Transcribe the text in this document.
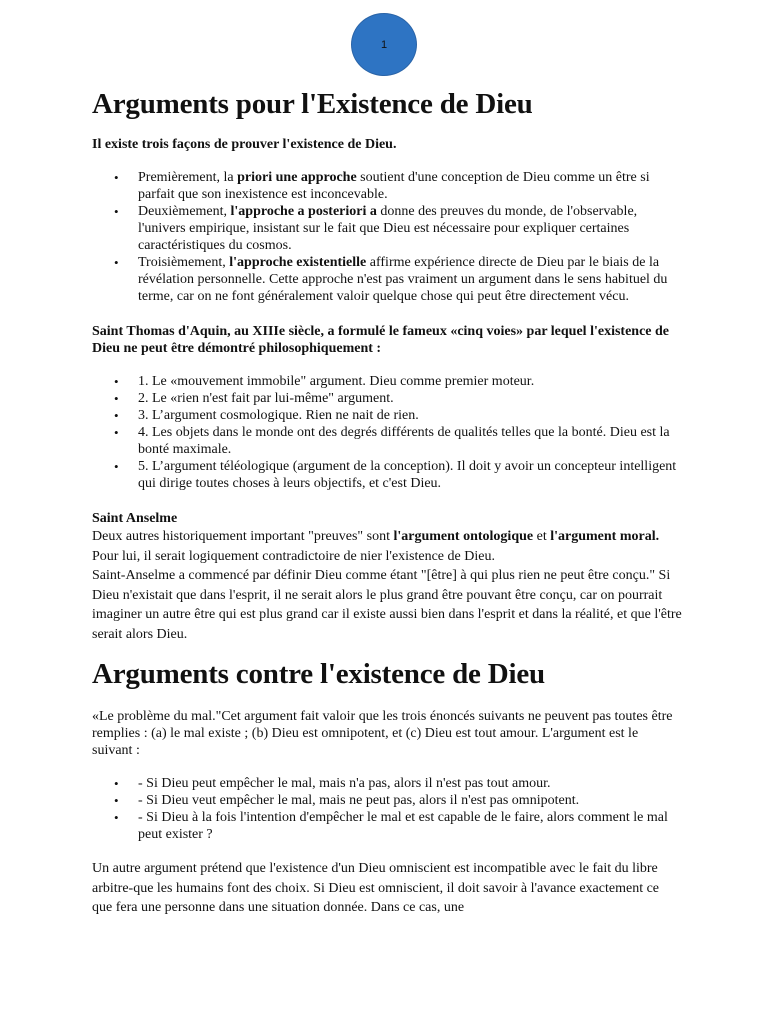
1
Arguments pour l'Existence de Dieu

Il existe trois façons de prouver l'existence de Dieu.

• Premièrement, la priori une approche soutient d'une conception de Dieu comme un être si parfait que son inexistence est inconcevable.
• Deuxièmement, l'approche a posteriori a donne des preuves du monde, de l'observable, l'univers empirique, insistant sur le fait que Dieu est nécessaire pour expliquer certaines caractéristiques du cosmos.
• Troisièmement, l'approche existentielle affirme expérience directe de Dieu par le biais de la révélation personnelle. Cette approche n'est pas vraiment un argument dans le sens habituel du terme, car on ne font généralement valoir quelque chose qui peut être directement vécu.

Saint Thomas d'Aquin, au XIIIe siècle, a formulé le fameux «cinq voies» par lequel l'existence de Dieu ne peut être démontré philosophiquement :

• 1. Le «mouvement immobile" argument. Dieu comme premier moteur.
• 2. Le «rien n'est fait par lui-même" argument.
• 3. L’argument cosmologique. Rien ne nait de rien.
• 4. Les objets dans le monde ont des degrés différents de qualités telles que la bonté. Dieu est la bonté maximale.
• 5. L’argument téléologique (argument de la conception). Il doit y avoir un concepteur intelligent qui dirige toutes choses à leurs objectifs, et c'est Dieu.

Saint Anselme

Deux autres historiquement important "preuves" sont l'argument ontologique et l'argument moral. Pour lui, il serait logiquement contradictoire de nier l'existence de Dieu.

Saint-Anselme a commencé par définir Dieu comme étant "[être] à qui plus rien ne peut être conçu." Si Dieu n'existait que dans l'esprit, il ne serait alors le plus grand être pouvant être conçu, car on pourrait imaginer un autre être qui est plus grand car il existe aussi bien dans l'esprit et dans la réalité, et que l'être serait alors Dieu.

Arguments contre l'existence de Dieu

«Le problème du mal."Cet argument fait valoir que les trois énoncés suivants ne peuvent pas toutes être remplies : (a) le mal existe ; (b) Dieu est omnipotent, et (c) Dieu est tout amour. L'argument est le suivant :

• - Si Dieu peut empêcher le mal, mais n'a pas, alors il n'est pas tout amour.
• - Si Dieu veut empêcher le mal, mais ne peut pas, alors il n'est pas omnipotent.
• - Si Dieu à la fois l'intention d'empêcher le mal et est capable de le faire, alors comment le mal peut exister ?

Un autre argument prétend que l'existence d'un Dieu omniscient est incompatible avec le fait du libre arbitre-que les humains font des choix. Si Dieu est omniscient, il doit savoir à l'avance exactement ce que fera une personne dans une situation donnée. Dans ce cas, une
